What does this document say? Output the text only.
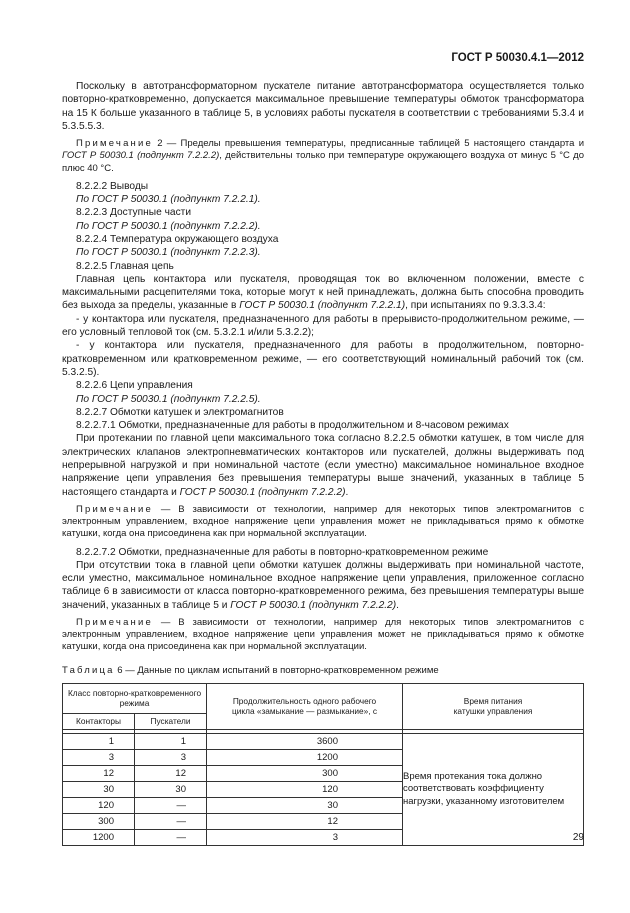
ГОСТ Р 50030.4.1—2012

Поскольку в автотрансформаторном пускателе питание автотрансформатора осуществляется только повторно-кратковременно, допускается максимальное превышение температуры обмоток трансформатора на 15 К больше указанного в таблице 5, в условиях работы пускателя в соответствии с требованиями 5.3.4 и 5.3.5.5.3.

Примечание 2 — Пределы превышения температуры, предписанные таблицей 5 настоящего стандарта и ГОСТ Р 50030.1 (подпункт 7.2.2.2), действительны только при температуре окружающего воздуха от минус 5 °С до плюс 40 °С.

8.2.2.2 Выводы

По ГОСТ Р 50030.1 (подпункт 7.2.2.1).

8.2.2.3 Доступные части

По ГОСТ Р 50030.1 (подпункт 7.2.2.2).

8.2.2.4 Температура окружающего воздуха

По ГОСТ Р 50030.1 (подпункт 7.2.2.3).

8.2.2.5 Главная цепь

Главная цепь контактора или пускателя, проводящая ток во включенном положении, вместе с максимальными расцепителями тока, которые могут к ней принадлежать, должна быть способна проводить без выхода за пределы, указанные в ГОСТ Р 50030.1 (подпункт 7.2.2.1), при испытаниях по 9.3.3.3.4:

- у контактора или пускателя, предназначенного для работы в прерывисто-продолжительном режиме, — его условный тепловой ток (см. 5.3.2.1 и/или 5.3.2.2);

- у контактора или пускателя, предназначенного для работы в продолжительном, повторно-кратковременном или кратковременном режиме, — его соответствующий номинальный рабочий ток (см. 5.3.2.5).

8.2.2.6 Цепи управления

По ГОСТ Р 50030.1 (подпункт 7.2.2.5).

8.2.2.7 Обмотки катушек и электромагнитов

8.2.2.7.1 Обмотки, предназначенные для работы в продолжительном и 8-часовом режимах

При протекании по главной цепи максимального тока согласно 8.2.2.5 обмотки катушек, в том числе для электрических клапанов электропневматических контакторов или пускателей, должны выдерживать под непрерывной нагрузкой и при номинальной частоте (если уместно) максимальное номинальное входное напряжение цепи управления без превышения температуры выше значений, указанных в таблице 5 настоящего стандарта и ГОСТ Р 50030.1 (подпункт 7.2.2.2).

Примечание — В зависимости от технологии, например для некоторых типов электромагнитов с электронным управлением, входное напряжение цепи управления может не прикладываться прямо к обмотке катушки, когда она присоединена как при нормальной эксплуатации.

8.2.2.7.2 Обмотки, предназначенные для работы в повторно-кратковременном режиме

При отсутствии тока в главной цепи обмотки катушек должны выдерживать при номинальной частоте, если уместно, максимальное номинальное входное напряжение цепи управления, приложенное согласно таблице 6 в зависимости от класса повторно-кратковременного режима, без превышения температуры выше значений, указанных в таблице 5 и ГОСТ Р 50030.1 (подпункт 7.2.2.2).

Примечание — В зависимости от технологии, например для некоторых типов электромагнитов с электронным управлением, входное напряжение цепи управления может не прикладываться прямо к обмотке катушки, когда она присоединена как при нормальной эксплуатации.

Таблица 6 — Данные по циклам испытаний в повторно-кратковременном режиме

Класс повторно-кратковременного режима		Продолжительность одного рабочего цикла «замыкание — размыкание», с	Время питания катушки управления
Контакторы	Пускатели		

1	1	3600	Время протекания тока должно соответствовать коэффициенту нагрузки, указанному изготовителем
3	3	1200	
12	12	300	
30	30	120	
120	—	30	
300	—	12	
1200	—	3		29
